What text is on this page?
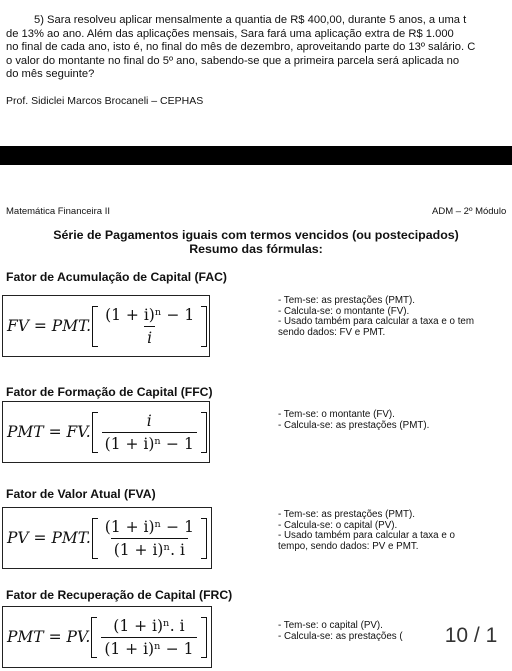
5) Sara resolveu aplicar mensalmente a quantia de R$ 400,00, durante 5 anos, a uma t
de 13% ao ano. Além das aplicações mensais, Sara fará uma aplicação extra de R$ 1.000
no final de cada ano, isto é, no final do mês de dezembro, aproveitando parte do 13º salário. C
o valor do montante no final do 5º ano, sabendo-se que a primeira parcela será aplicada no
do mês seguinte?
Prof. Sidiclei Marcos Brocaneli – CEPHAS
Matemática Financeira II	ADM – 2º Módulo
Série de Pagamentos iguais com termos vencidos (ou postecipados)
Resumo das fórmulas:
Fator de Acumulação de Capital (FAC)
FV = PMT. $\frac{\text{(1 + i)ⁿ − 1}}{i}$
- Tem-se: as prestações (PMT).
- Calcula-se: o montante (FV).
- Usado também para calcular a taxa e o tem
sendo dados: FV e PMT.
Fator de Formação de Capital (FFC)
PMT = FV. $\frac{i}{\text{(1 + i)ⁿ − 1}}$	- Tem-se: o montante (FV).
- Calcula-se: as prestações (PMT).
Fator de Valor Atual (FVA)
PV = PMT. $\frac{\text{(1 + i)ⁿ − 1}}{\text{(1 + i)ⁿ. i}}$
- Tem-se: as prestações (PMT).
- Calcula-se: o capital (PV).
- Usado também para calcular a taxa e o
tempo, sendo dados: PV e PMT.
Fator de Recuperação de Capital (FRC)
PMT = PV. $\frac{\text{(1 + i)ⁿ. i}}{\text{(1 + i)ⁿ − 1}}$	- Tem-se: o capital (PV).
- Calcula-se: as prestações (	10 / 1
